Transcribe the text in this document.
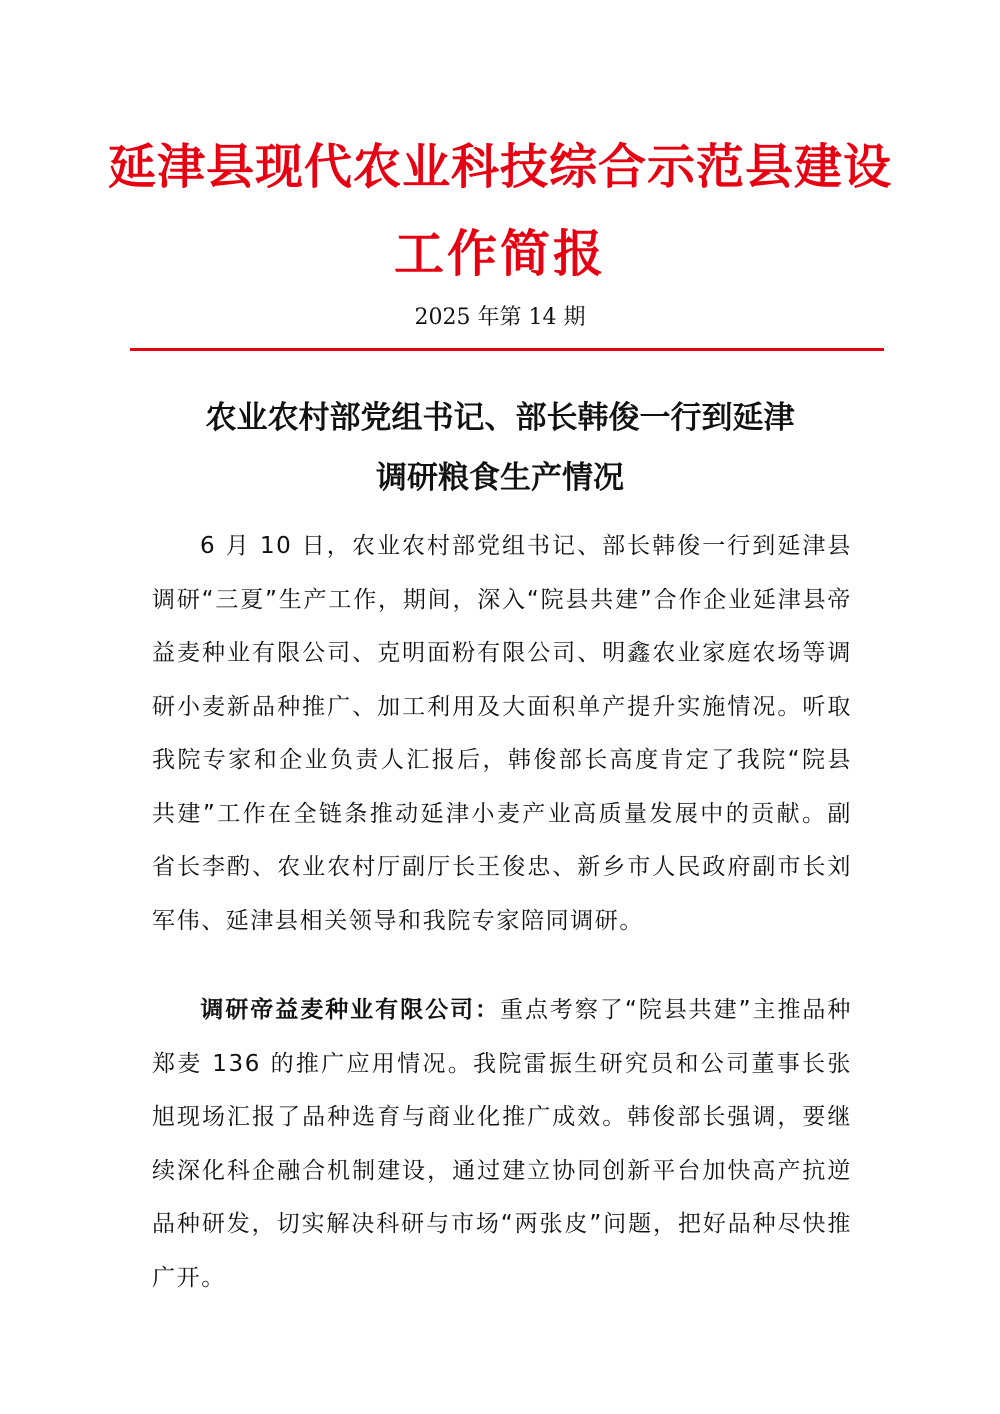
延津县现代农业科技综合示范县建设
工作简报
2025 年第 14 期
农业农村部党组书记、部长韩俊一行到延津
调研粮食生产情况
6 月 10 日，农业农村部党组书记、部长韩俊一行到延津县调研“三夏”生产工作，期间，深入“院县共建”合作企业延津县帝益麦种业有限公司、克明面粉有限公司、明鑫农业家庭农场等调研小麦新品种推广、加工利用及大面积单产提升实施情况。听取我院专家和企业负责人汇报后，韩俊部长高度肯定了我院“院县共建”工作在全链条推动延津小麦产业高质量发展中的贡献。副省长李酌、农业农村厅副厅长王俊忠、新乡市人民政府副市长刘军伟、延津县相关领导和我院专家陪同调研。
调研帝益麦种业有限公司：重点考察了“院县共建”主推品种郑麦 136 的推广应用情况。我院雷振生研究员和公司董事长张旭现场汇报了品种选育与商业化推广成效。韩俊部长强调，要继续深化科企融合机制建设，通过建立协同创新平台加快高产抗逆品种研发，切实解决科研与市场“两张皮”问题，把好品种尽快推广开。
